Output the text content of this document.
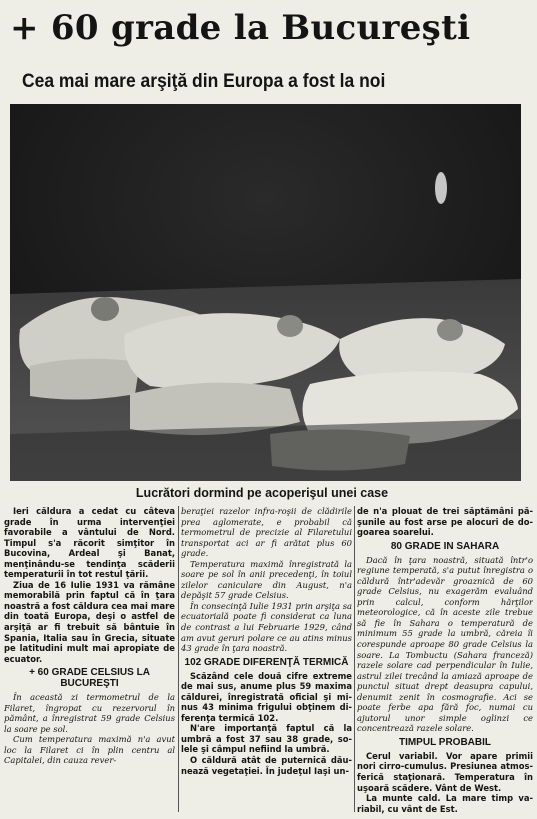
+ 60 grade la Bucureşti
Cea mai mare arşiţă din Europa a fost la noi
Lucrători dormind pe acoperişul unei case

Ieri căldura a cedat cu câteva grade în urma intervenţiei favorabile a vântului de Nord. Timpul s'a răcorit simţitor în Bucovina, Ardeal şi Banat, menţinându-se tendinţa scăderii temperaturii în tot restul ţării.

Ziua de 16 Iulie 1931 va rămâne memorabilă prin faptul că în ţara noastră a fost căldura cea mai mare din toată Europa, deşi o astfel de arşiţă ar fi trebuit să bântuie în Spania, Italia sau în Grecia, situate pe latitudini mult mai apropiate de ecuator.

+ 60 GRADE CELSIUS LA BUCUREŞTI

În această zi termometrul de la Filaret, îngropat cu rezervorul în pământ, a înregistrat 59 grade Celsius la soare pe sol.

Cum temperatura maximă n'a avut loc la Filaret ci în plin centru al Capitalei, din cauza rever-

beraţiei razelor infra-roşii de clădirile prea aglomerate, e probabil că termometrul de precizie al Filaretului transportat aci ar fi arătat plus 60 grade.

Temperatura maximă înregistrată la soare pe sol în anii precedenţi, în toiul zilelor caniculare din August, n'a depăşit 57 grade Celsius.

În consecinţă Iulie 1931 prin arşiţa sa ecuatorială poate fi considerat ca luna de contrast a lui Februarie 1929, când am avut geruri polare ce au atins minus 43 grade în ţara noastră.

102 GRADE DIFERENŢĂ TERMICĂ

Scăzând cele două cifre extreme de mai sus, anume plus 59 maxima căldurei, înregistrată oficial şi minus 43 minima frigului obţinem diferenţa termică 102.

N'are importanţă faptul că la umbră a fost 37 sau 38 grade, solele şi câmpul nefiind la umbră.

O căldură atât de puternică dăunează vegetaţiei. În judeţul Iaşi un-

de n'a plouat de trei săptămâni păşunile au fost arse pe alocuri de dogoarea soarelui.

80 GRADE IN SAHARA

Dacă în ţara noastră, situată într'o regiune temperată, s'a putut înregistra o căldură într'adevăr groaznică de 60 grade Celsius, nu exagerăm evaluând prin calcul, conform hărţilor meteorologice, că în aceste zile trebue să fie în Sahara o temperatură de minimum 55 grade la umbră, căreia îi corespunde aproape 80 grade Celsius la soare. La Tombuctu (Sahara franceză) razele solare cad perpendicular în Iulie, astrul zilei trecând la amiază aproape de punctul situat drept deasupra capului, denumit zenit în cosmografie. Aci se poate ferbe apa fără foc, numai cu ajutorul unor simple oglinzi ce concentrează razele solare.

TIMPUL PROBABIL

Cerul variabil. Vor apare primii nori cirro-cumulus. Presiunea atmosferică staţionară. Temperatura în uşoară scădere. Vânt de West.

La munte cald. La mare timp variabil, cu vânt de Est.
